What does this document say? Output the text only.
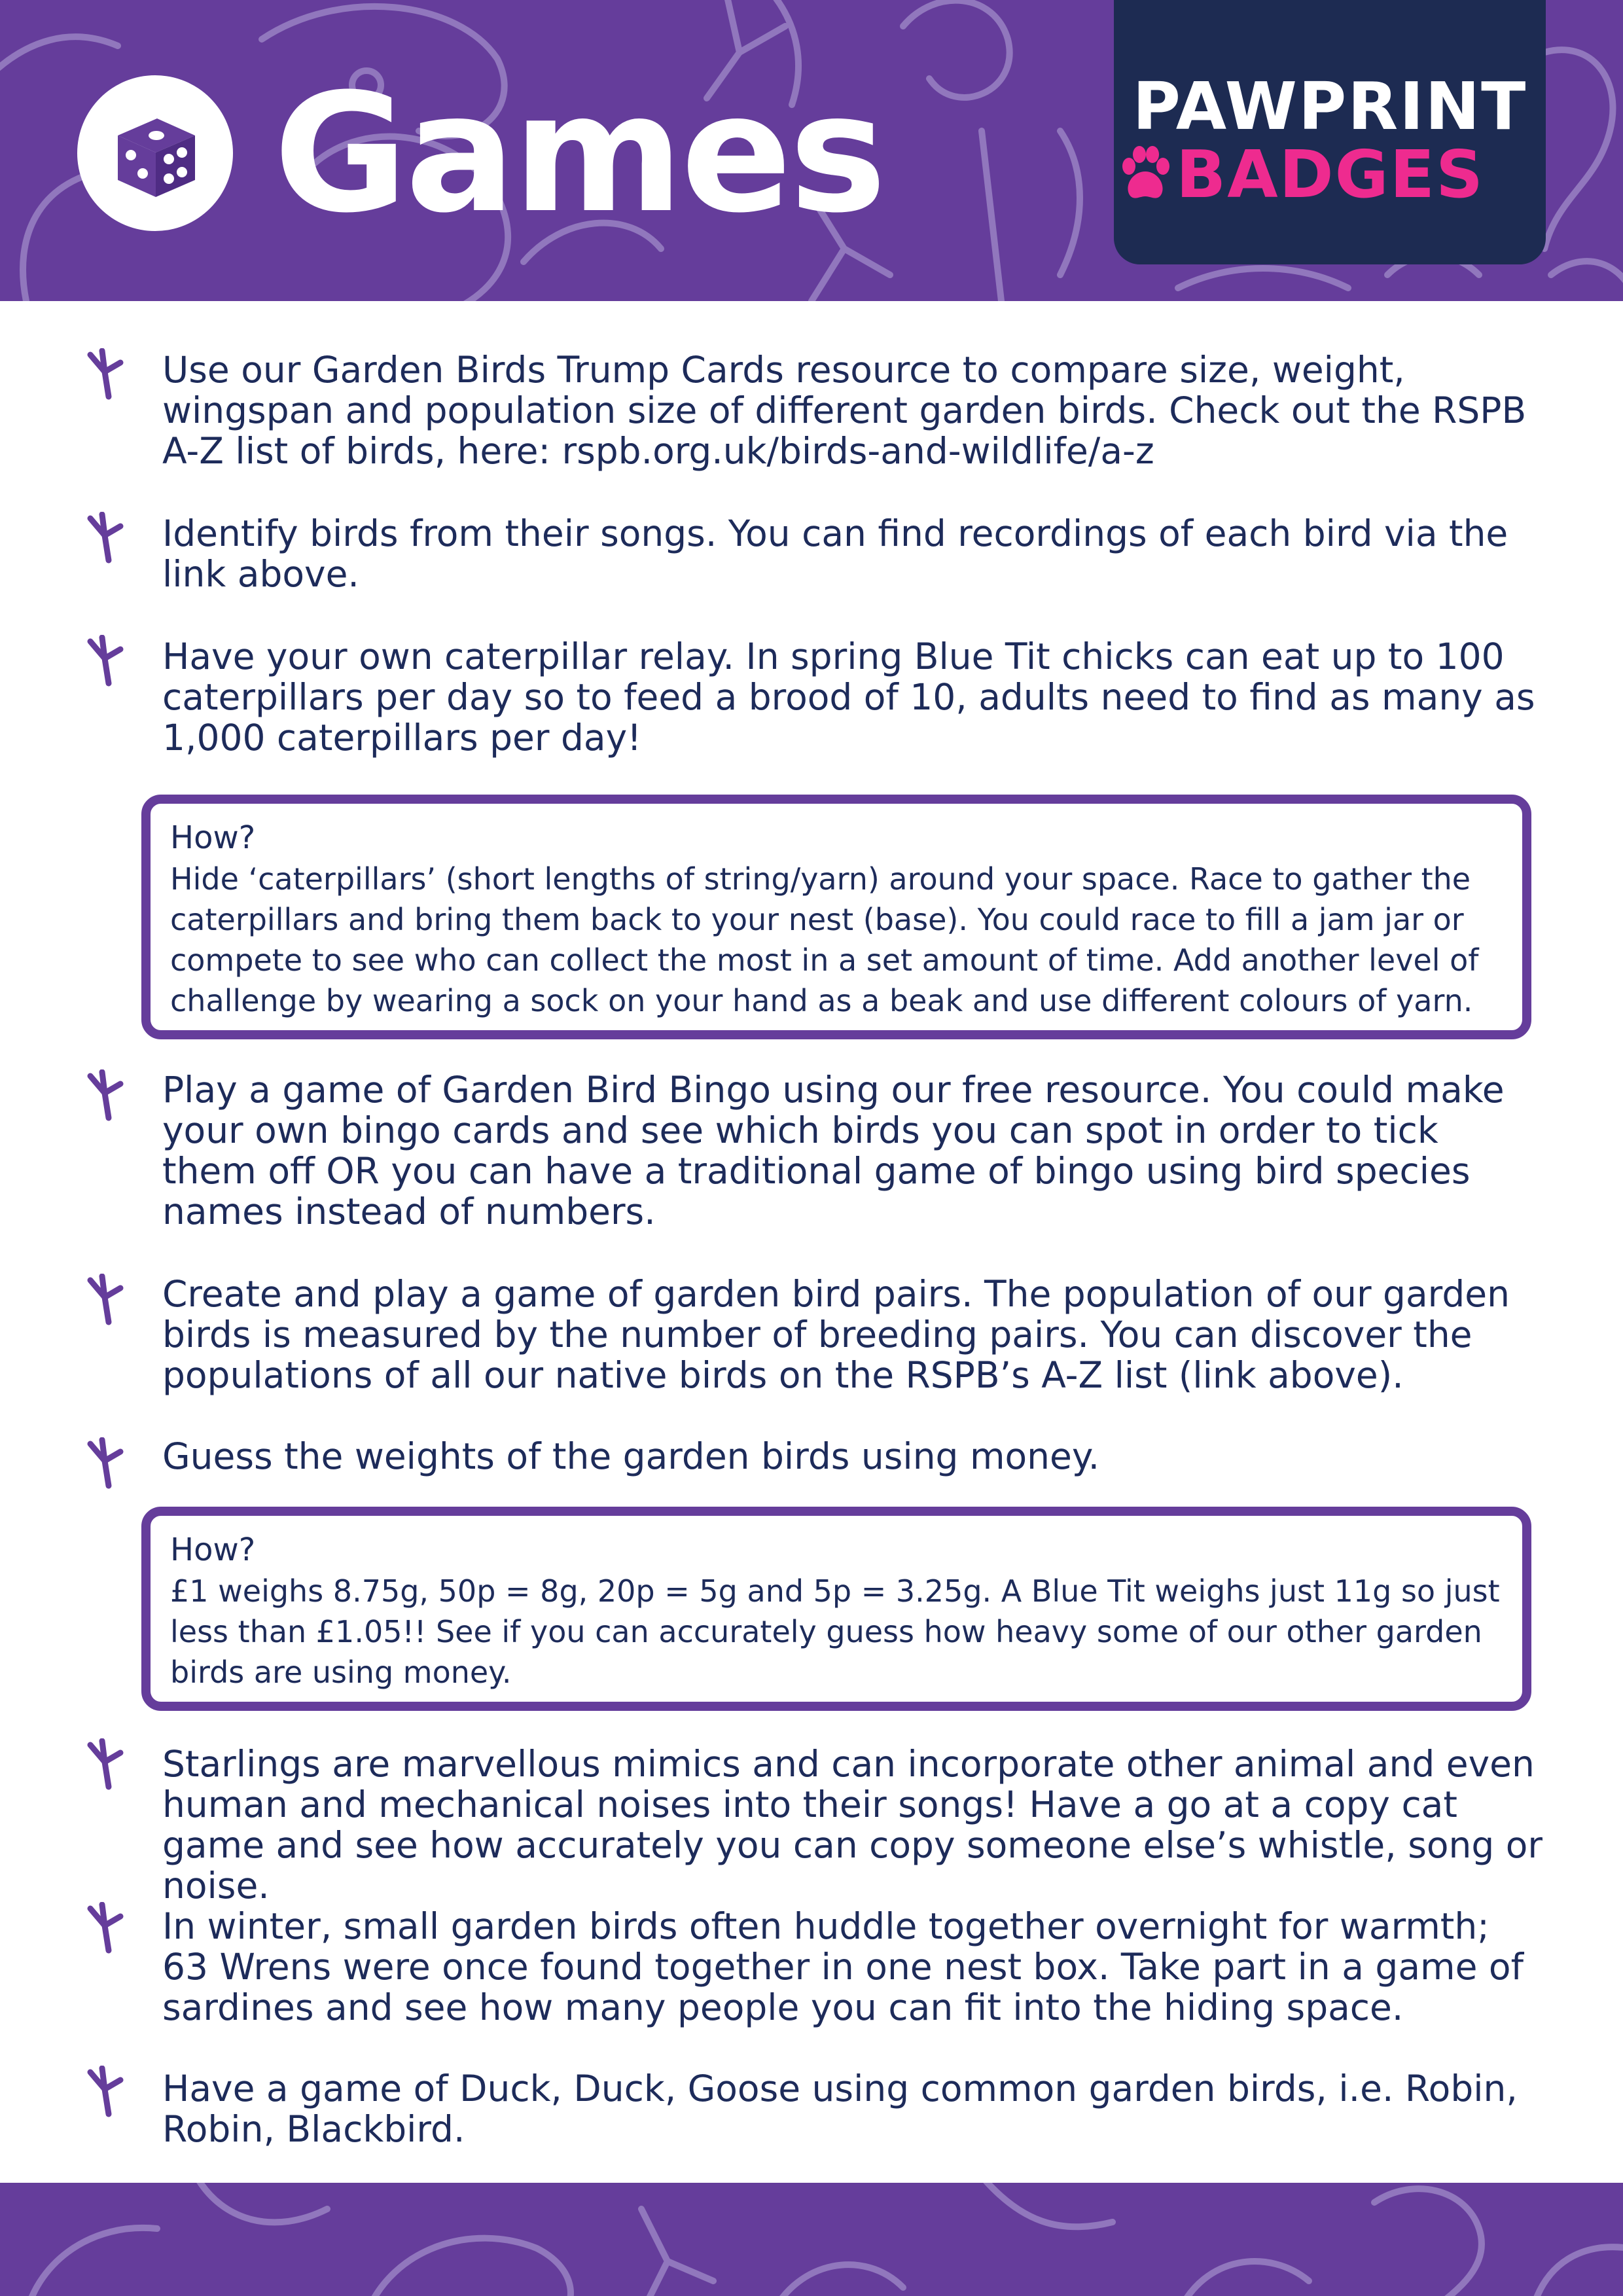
Games	PAWPRINT
BADGES
Use our Garden Birds Trump Cards resource to compare size, weight, wingspan and population size of different garden birds. Check out the RSPB A-Z list of birds, here: rspb.org.uk/birds-and-wildlife/a-z
Identify birds from their songs. You can find recordings of each bird via the link above.
Have your own caterpillar relay. In spring Blue Tit chicks can eat up to 100 caterpillars per day so to feed a brood of 10, adults need to find as many as 1,000 caterpillars per day!
How?
Hide ‘caterpillars’ (short lengths of string/yarn) around your space. Race to gather the caterpillars and bring them back to your nest (base). You could race to fill a jam jar or compete to see who can collect the most in a set amount of time. Add another level of challenge by wearing a sock on your hand as a beak and use different colours of yarn.
Play a game of Garden Bird Bingo using our free resource. You could make your own bingo cards and see which birds you can spot in order to tick them off OR you can have a traditional game of bingo using bird species names instead of numbers.
Create and play a game of garden bird pairs. The population of our garden birds is measured by the number of breeding pairs. You can discover the populations of all our native birds on the RSPB’s A-Z list (link above).
Guess the weights of the garden birds using money.
How?
£1 weighs 8.75g, 50p = 8g, 20p = 5g and 5p = 3.25g. A Blue Tit weighs just 11g so just less than £1.05!! See if you can accurately guess how heavy some of our other garden birds are using money.
Starlings are marvellous mimics and can incorporate other animal and even human and mechanical noises into their songs! Have a go at a copy cat game and see how accurately you can copy someone else’s whistle, song or noise.
In winter, small garden birds often huddle together overnight for warmth; 63 Wrens were once found together in one nest box. Take part in a game of sardines and see how many people you can fit into the hiding space.
Have a game of Duck, Duck, Goose using common garden birds, i.e. Robin, Robin, Blackbird.
